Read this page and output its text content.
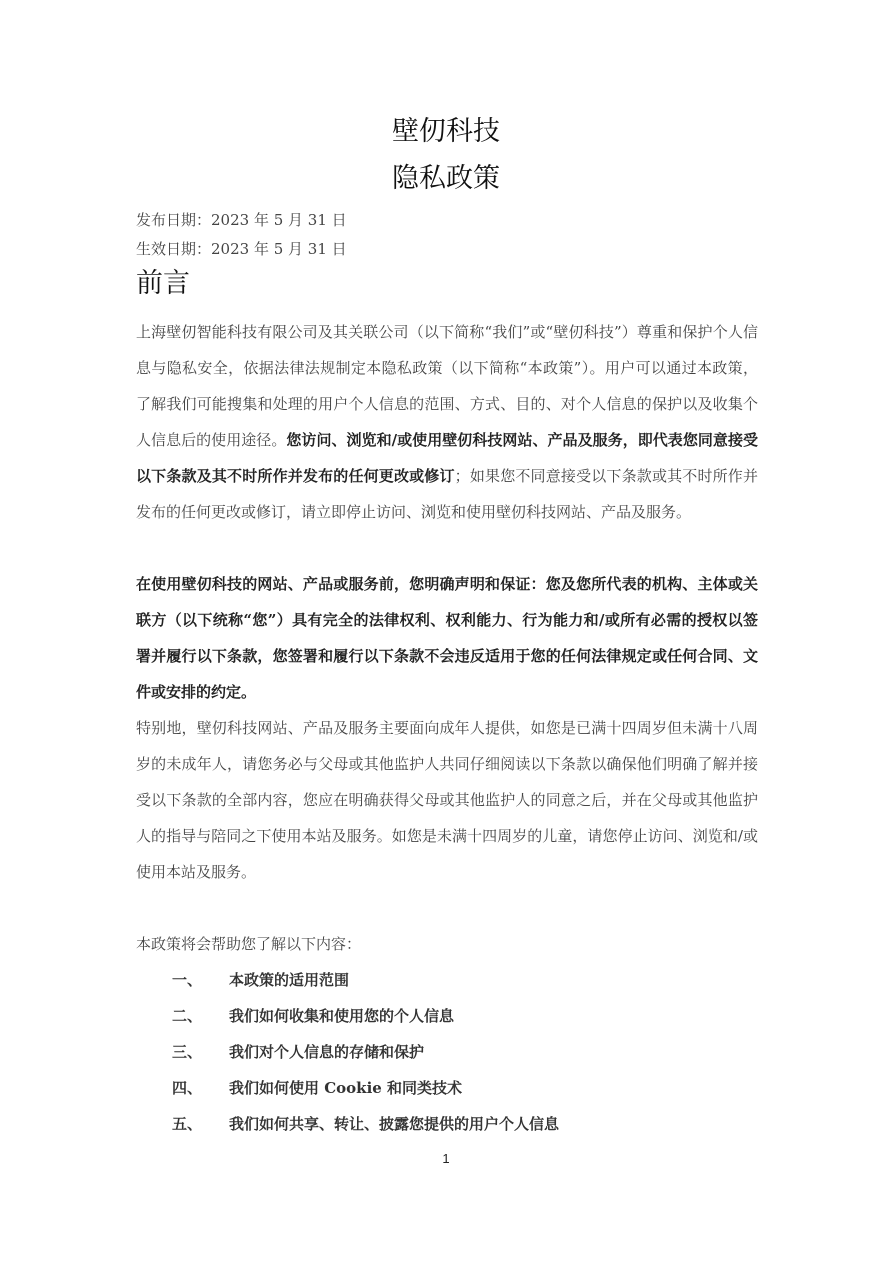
壁仞科技
隐私政策
发布日期：2023 年 5 月 31 日
生效日期：2023 年 5 月 31 日
前言

上海壁仞智能科技有限公司及其关联公司（以下简称“我们”或“壁仞科技”）尊重和保护个人信息与隐私安全，依据法律法规制定本隐私政策（以下简称“本政策”）。用户可以通过本政策，了解我们可能搜集和处理的用户个人信息的范围、方式、目的、对个人信息的保护以及收集个人信息后的使用途径。您访问、浏览和/或使用壁仞科技网站、产品及服务，即代表您同意接受以下条款及其不时所作并发布的任何更改或修订；如果您不同意接受以下条款或其不时所作并发布的任何更改或修订，请立即停止访问、浏览和使用壁仞科技网站、产品及服务。

在使用壁仞科技的网站、产品或服务前，您明确声明和保证：您及您所代表的机构、主体或关联方（以下统称“您”）具有完全的法律权利、权利能力、行为能力和/或所有必需的授权以签署并履行以下条款，您签署和履行以下条款不会违反适用于您的任何法律规定或任何合同、文件或安排的约定。

特别地，壁仞科技网站、产品及服务主要面向成年人提供，如您是已满十四周岁但未满十八周岁的未成年人，请您务必与父母或其他监护人共同仔细阅读以下条款以确保他们明确了解并接受以下条款的全部内容，您应在明确获得父母或其他监护人的同意之后，并在父母或其他监护人的指导与陪同之下使用本站及服务。如您是未满十四周岁的儿童，请您停止访问、浏览和/或使用本站及服务。

本政策将会帮助您了解以下内容：
一、 本政策的适用范围
二、 我们如何收集和使用您的个人信息
三、 我们对个人信息的存储和保护
四、 我们如何使用 Cookie 和同类技术
五、 我们如何共享、转让、披露您提供的用户个人信息
1
